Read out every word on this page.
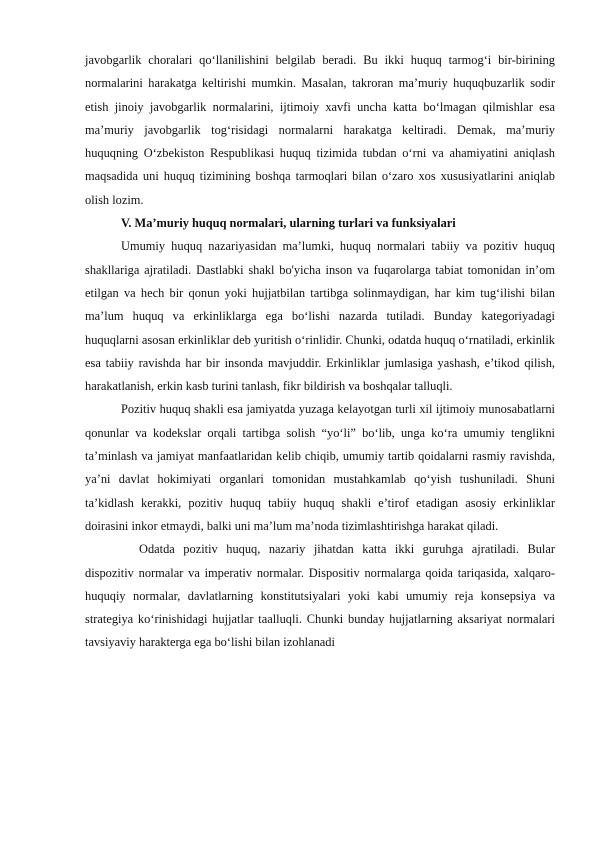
javobgarlik choralari qo‘llanilishini belgilab beradi. Bu ikki huquq tarmog‘i bir-birining normalarini harakatga keltirishi mumkin. Masalan, takroran ma’muriy huquqbuzarlik sodir etish jinoiy javobgarlik normalarini, ijtimoiy xavfi uncha katta bo‘lmagan qilmishlar esa ma’muriy javobgarlik tog‘risidagi normalarni harakatga keltiradi. Demak, ma’muriy huquqning O‘zbekiston Respublikasi huquq tizimida tubdan o‘rni va ahamiyatini aniqlash maqsadida uni huquq tizimining boshqa tarmoqlari bilan o‘zaro xos xususiyatlarini aniqlab olish lozim.

V. Ma’muriy huquq normalari, ularning turlari va funksiyalari

Umumiy huquq nazariyasidan ma’lumki, huquq normalari tabiiy va pozitiv huquq shakllariga ajratiladi. Dastlabki shakl bo'yicha inson va fuqarolarga tabiat tomonidan in’om etilgan va hech bir qonun yoki hujjatbilan tartibga solinmaydigan, har kim tug‘ilishi bilan ma’lum huquq va erkinliklarga ega bo‘lishi nazarda tutiladi. Bunday kategoriyadagi huquqlarni asosan erkinliklar deb yuritish o‘rinlidir. Chunki, odatda huquq o‘rnatiladi, erkinlik esa tabiiy ravishda har bir insonda mavjuddir. Erkinliklar jumlasiga yashash, e’tikod qilish, harakatlanish, erkin kasb turini tanlash, fikr bildirish va boshqalar talluqli.

Pozitiv huquq shakli esa jamiyatda yuzaga kelayotgan turli xil ijtimoiy munosabatlarni qonunlar va kodekslar orqali tartibga solish “yo‘li” bo‘lib, unga ko‘ra umumiy tenglikni ta’minlash va jamiyat manfaatlaridan kelib chiqib, umumiy tartib qoidalarni rasmiy ravishda, ya’ni davlat hokimiyati organlari tomonidan mustahkamlab qo‘yish tushuniladi. Shuni ta’kidlash kerakki, pozitiv huquq tabiiy huquq shakli e’tirof etadigan asosiy erkinliklar doirasini inkor etmaydi, balki uni ma’lum ma’noda tizimlashtirishga harakat qiladi.

Odatda pozitiv huquq, nazariy jihatdan katta ikki guruhga ajratiladi. Bular dispozitiv normalar va imperativ normalar. Dispositiv normalarga qoida tariqasida, xalqaro-huquqiy normalar, davlatlarning konstitutsiyalari yoki kabi umumiy reja konsepsiya va strategiya ko‘rinishidagi hujjatlar taalluqli. Chunki bunday hujjatlarning aksariyat normalari tavsiyaviy harakterga ega bo‘lishi bilan izohlanadi
